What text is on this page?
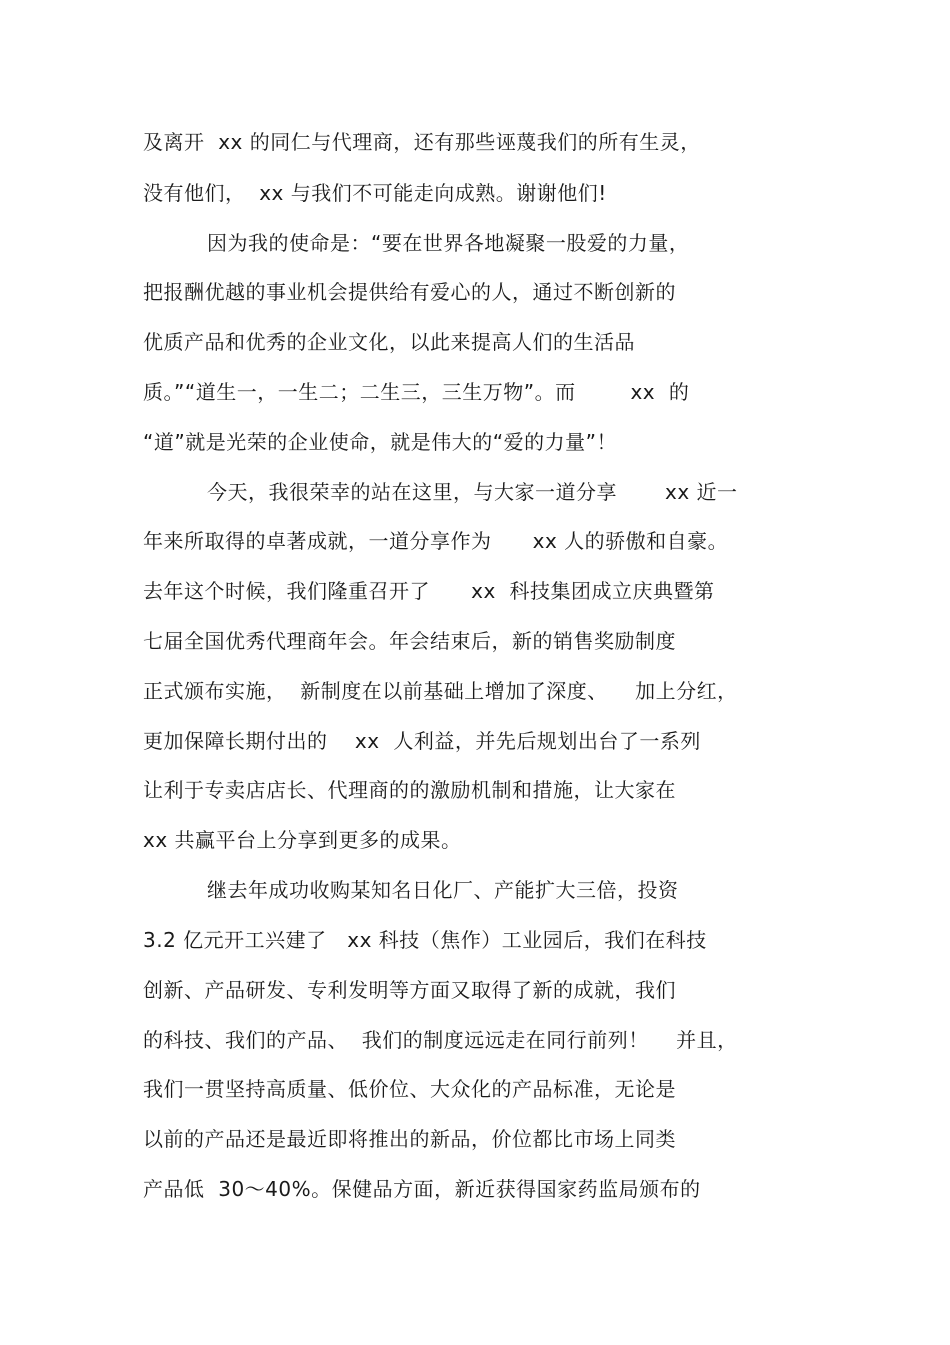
及离开  xx 的同仁与代理商，还有那些诬蔑我们的所有生灵，
没有他们，  xx 与我们不可能走向成熟。谢谢他们!
因为我的使命是：“要在世界各地凝聚一股爱的力量，
把报酬优越的事业机会提供给有爱心的人，通过不断创新的
优质产品和优秀的企业文化，以此来提高人们的生活品
质。”“道生一，一生二；二生三，三生万物”。而        xx  的
“道”就是光荣的企业使命，就是伟大的“爱的力量”！
今天，我很荣幸的站在这里，与大家一道分享       xx 近一
年来所取得的卓著成就，一道分享作为      xx 人的骄傲和自豪。
去年这个时候，我们隆重召开了      xx  科技集团成立庆典暨第
七届全国优秀代理商年会。年会结束后，新的销售奖励制度
正式颁布实施，  新制度在以前基础上增加了深度、    加上分红，
更加保障长期付出的    xx  人利益，并先后规划出台了一系列
让利于专卖店店长、代理商的的激励机制和措施，让大家在
xx 共赢平台上分享到更多的成果。
继去年成功收购某知名日化厂、产能扩大三倍，投资
3.2 亿元开工兴建了   xx 科技（焦作）工业园后，我们在科技
创新、产品研发、专利发明等方面又取得了新的成就，我们
的科技、我们的产品、  我们的制度远远走在同行前列！    并且，
我们一贯坚持高质量、低价位、大众化的产品标准，无论是
以前的产品还是最近即将推出的新品，价位都比市场上同类
产品低  30～40%。保健品方面，新近获得国家药监局颁布的
